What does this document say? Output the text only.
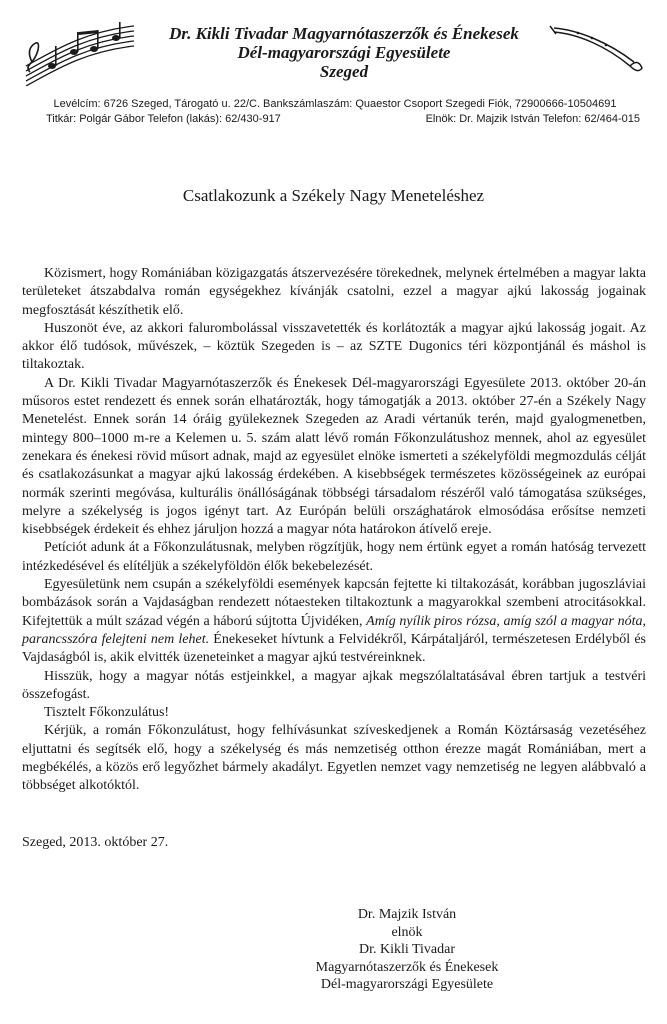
Dr. Kikli Tivadar Magyarnótaszerzők és Énekesek
Dél-magyarországi Egyesülete
Szeged
Levélcím: 6726 Szeged, Tárogató u. 22/C. Bankszámlaszám: Quaestor Csoport Szegedi Fiók, 72900666-10504691
Titkár: Polgár Gábor Telefon (lakás): 62/430-917	Elnök: Dr. Majzik István Telefon: 62/464-015
Csatlakozunk a Székely Nagy Meneteléshez

Közismert, hogy Romániában közigazgatás átszervezésére törekednek, melynek értelmében a magyar lakta területeket átszabdalva román egységekhez kívánják csatolni, ezzel a magyar ajkú lakosság jogainak megfosztását készíthetik elő.

Huszonöt éve, az akkori falurombolással visszavetették és korlátozták a magyar ajkú lakosság jogait. Az akkor élő tudósok, művészek, – köztük Szegeden is – az SZTE Dugonics téri központjánál és máshol is tiltakoztak.

A Dr. Kikli Tivadar Magyarnótaszerzők és Énekesek Dél-magyarországi Egyesülete 2013. október 20-án műsoros estet rendezett és ennek során elhatározták, hogy támogatják a 2013. október 27-én a Székely Nagy Menetelést. Ennek során 14 óráig gyülekeznek Szegeden az Aradi vértanúk terén, majd gyalogmenetben, mintegy 800–1000 m-re a Kelemen u. 5. szám alatt lévő román Főkonzulátushoz mennek, ahol az egyesület zenekara és énekesi rövid műsort adnak, majd az egyesület elnöke ismerteti a székelyföldi megmozdulás célját és csatlakozásunkat a magyar ajkú lakosság érdekében. A kisebbségek természetes közösségeinek az európai normák szerinti megóvása, kulturális önállóságának többségi társadalom részéről való támogatása szükséges, melyre a székelység is jogos igényt tart. Az Európán belüli országhatárok elmosódása erősítse nemzeti kisebbségek érdekeit és ehhez járuljon hozzá a magyar nóta határokon átívelő ereje.

Petíciót adunk át a Főkonzulátusnak, melyben rögzítjük, hogy nem értünk egyet a román hatóság tervezett intézkedésével és elítéljük a székelyföldön élők bekebelezését.

Egyesületünk nem csupán a székelyföldi események kapcsán fejtette ki tiltakozását, korábban jugoszláviai bombázások során a Vajdaságban rendezett nótaesteken tiltakoztunk a magyarokkal szembeni atrocitásokkal. Kifejtettük a múlt század végén a háború sújtotta Újvidéken, Amíg nyílik piros rózsa, amíg szól a magyar nóta, parancsszóra felejteni nem lehet. Énekeseket hívtunk a Felvidékről, Kárpátaljáról, természetesen Erdélyből és Vajdaságból is, akik elvitték üzeneteinket a magyar ajkú testvéreinknek.

Hisszük, hogy a magyar nótás estjeinkkel, a magyar ajkak megszólaltatásával ébren tartjuk a testvéri összefogást.

Tisztelt Főkonzulátus!

Kérjük, a román Főkonzulátust, hogy felhívásunkat szíveskedjenek a Román Köztársaság vezetéséhez eljuttatni és segítsék elő, hogy a székelység és más nemzetiség otthon érezze magát Romániában, mert a megbékélés, a közös erő legyőzhet bármely akadályt. Egyetlen nemzet vagy nemzetiség ne legyen alábbvaló a többséget alkotóktól.

Szeged, 2013. október 27.
Dr. Majzik István
elnök
Dr. Kikli Tivadar
Magyarnótaszerzők és Énekesek
Dél-magyarországi Egyesülete
